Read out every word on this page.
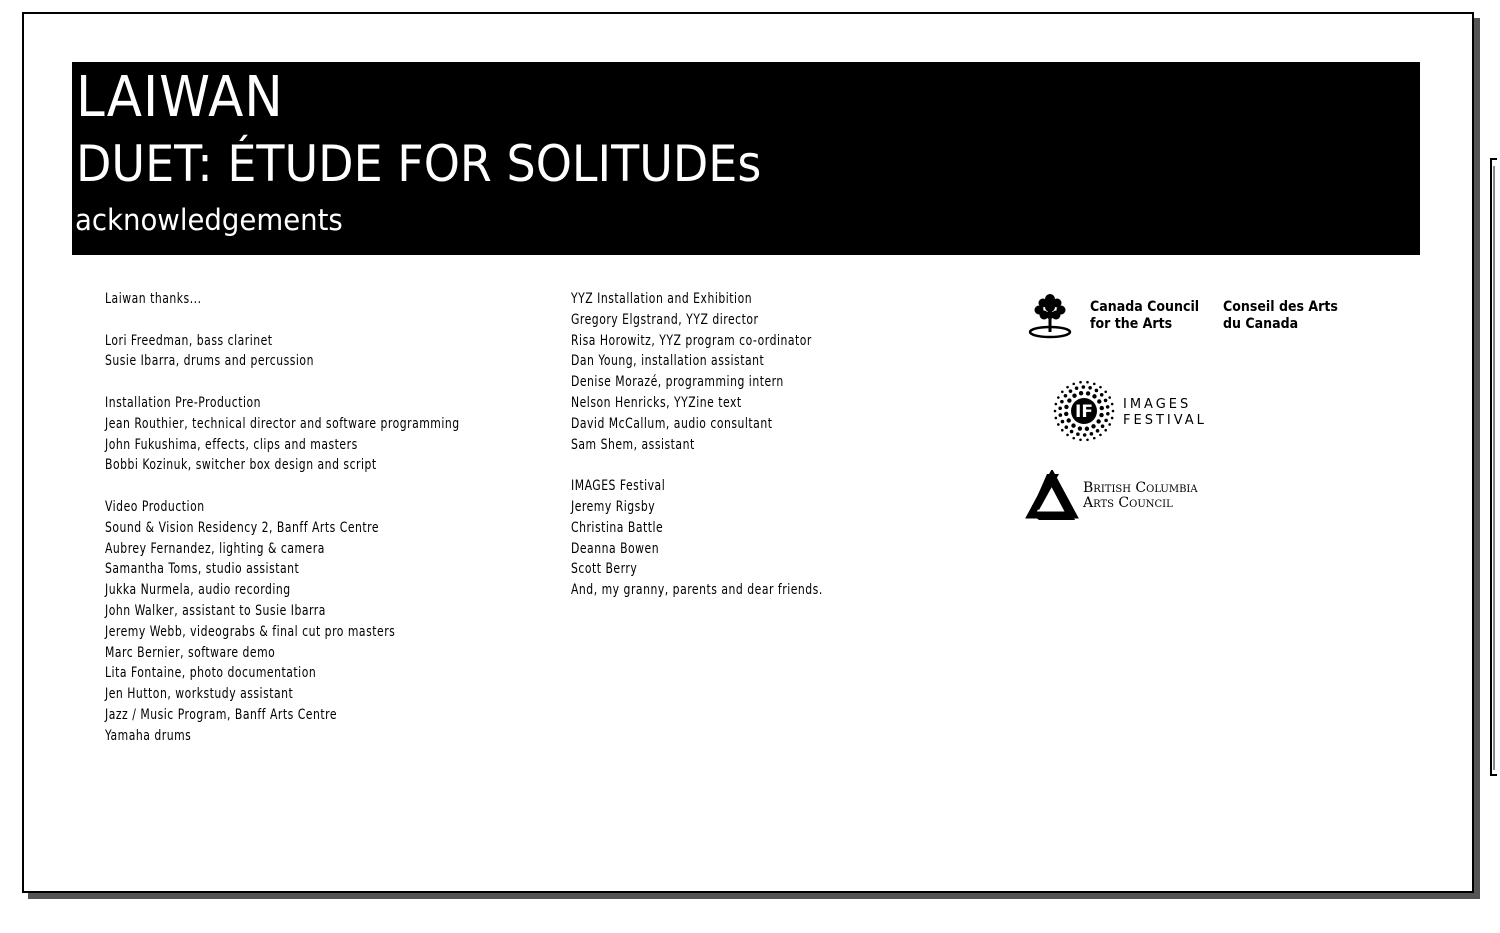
LAIWAN
DUET: ÉTUDE FOR SOLITUDEs
acknowledgements
Laiwan thanks...
Lori Freedman, bass clarinet
Susie Ibarra, drums and percussion
Installation Pre-Production
Jean Routhier, technical director and software programming
John Fukushima, effects, clips and masters
Bobbi Kozinuk, switcher box design and script
Video Production
Sound & Vision Residency 2, Banff Arts Centre
Aubrey Fernandez, lighting & camera
Samantha Toms, studio assistant
Jukka Nurmela, audio recording
John Walker, assistant to Susie Ibarra
Jeremy Webb, videograbs & final cut pro masters
Marc Bernier, software demo
Lita Fontaine, photo documentation
Jen Hutton, workstudy assistant
Jazz / Music Program, Banff Arts Centre
Yamaha drums
YYZ Installation and Exhibition
Gregory Elgstrand, YYZ director
Risa Horowitz, YYZ program co-ordinator
Dan Young, installation assistant
Denise Morazé, programming intern
Nelson Henricks, YYZine text
David McCallum, audio consultant
Sam Shem, assistant
IMAGES Festival
Jeremy Rigsby
Christina Battle
Deanna Bowen
Scott Berry
And, my granny, parents and dear friends.
Canada Council
for the Arts
Conseil des Arts
du Canada
IF IMAGES
FESTIVAL
British Columbia
Arts Council
